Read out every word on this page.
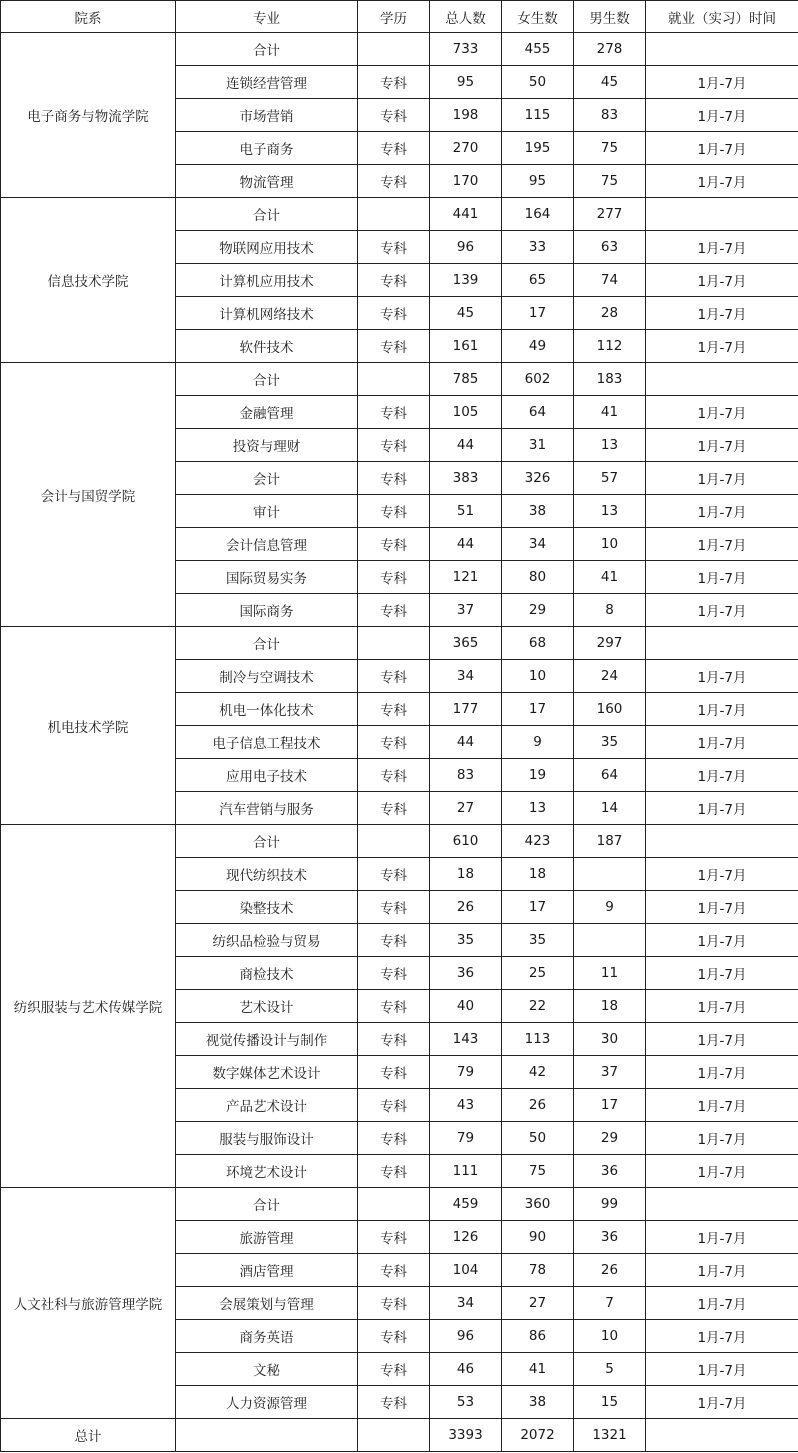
院系	专业	学历	总人数	女生数	男生数	就业（实习）时间
电子商务与物流学院	合计		733	455	278	
	连锁经营管理	专科	95	50	45	1月-7月
	市场营销	专科	198	115	83	1月-7月
	电子商务	专科	270	195	75	1月-7月
	物流管理	专科	170	95	75	1月-7月
信息技术学院	合计		441	164	277	
	物联网应用技术	专科	96	33	63	1月-7月
	计算机应用技术	专科	139	65	74	1月-7月
	计算机网络技术	专科	45	17	28	1月-7月
	软件技术	专科	161	49	112	1月-7月
会计与国贸学院	合计		785	602	183	
	金融管理	专科	105	64	41	1月-7月
	投资与理财	专科	44	31	13	1月-7月
	会计	专科	383	326	57	1月-7月
	审计	专科	51	38	13	1月-7月
	会计信息管理	专科	44	34	10	1月-7月
	国际贸易实务	专科	121	80	41	1月-7月
	国际商务	专科	37	29	8	1月-7月
机电技术学院	合计		365	68	297	
	制冷与空调技术	专科	34	10	24	1月-7月
	机电一体化技术	专科	177	17	160	1月-7月
	电子信息工程技术	专科	44	9	35	1月-7月
	应用电子技术	专科	83	19	64	1月-7月
	汽车营销与服务	专科	27	13	14	1月-7月
纺织服装与艺术传媒学院	合计		610	423	187	
	现代纺织技术	专科	18	18		1月-7月
	染整技术	专科	26	17	9	1月-7月
	纺织品检验与贸易	专科	35	35		1月-7月
	商检技术	专科	36	25	11	1月-7月
	艺术设计	专科	40	22	18	1月-7月
	视觉传播设计与制作	专科	143	113	30	1月-7月
	数字媒体艺术设计	专科	79	42	37	1月-7月
	产品艺术设计	专科	43	26	17	1月-7月
	服装与服饰设计	专科	79	50	29	1月-7月
	环境艺术设计	专科	111	75	36	1月-7月
人文社科与旅游管理学院	合计		459	360	99	
	旅游管理	专科	126	90	36	1月-7月
	酒店管理	专科	104	78	26	1月-7月
	会展策划与管理	专科	34	27	7	1月-7月
	商务英语	专科	96	86	10	1月-7月
	文秘	专科	46	41	5	1月-7月
	人力资源管理	专科	53	38	15	1月-7月
总计			3393	2072	1321	
